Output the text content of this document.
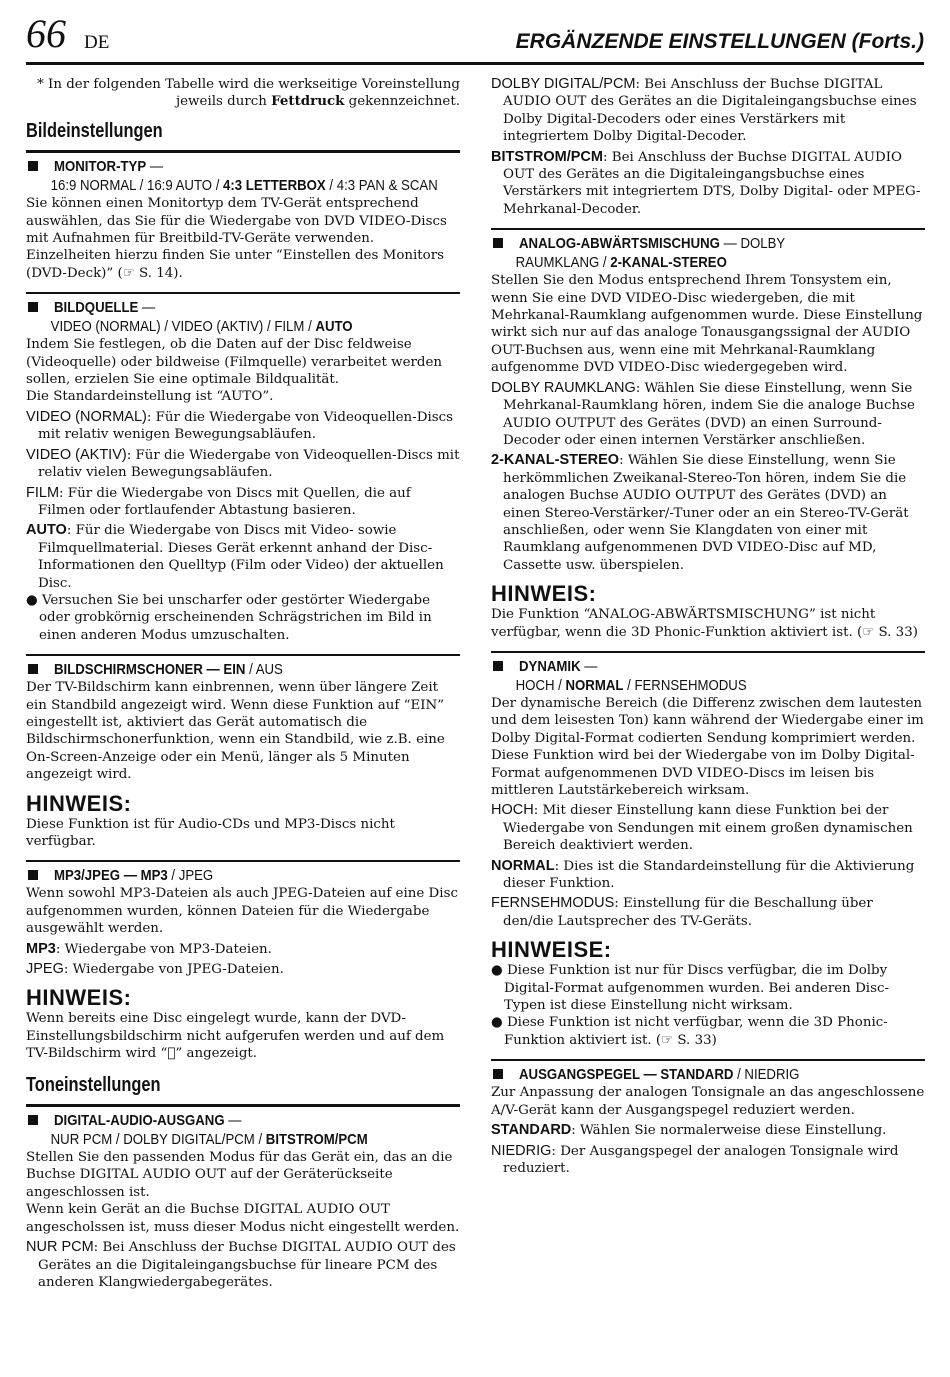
66 DE	ERGÄNZENDE EINSTELLUNGEN (Forts.)
* In der folgenden Tabelle wird die werkseitige Voreinstellung
jeweils durch Fettdruck gekennzeichnet.
Bildeinstellungen
MONITOR-TYP —
16:9 NORMAL / 16:9 AUTO / 4:3 LETTERBOX / 4:3 PAN & SCAN

Sie können einen Monitortyp dem TV-Gerät entsprechend auswählen, das Sie für die Wiedergabe von DVD VIDEO-Discs mit Aufnahmen für Breitbild-TV-Geräte verwenden. Einzelheiten hierzu finden Sie unter “Einstellen des Monitors (DVD-Deck)” (☞ S. 14).

BILDQUELLE —
VIDEO (NORMAL) / VIDEO (AKTIV) / FILM / AUTO

Indem Sie festlegen, ob die Daten auf der Disc feldweise (Videoquelle) oder bildweise (Filmquelle) verarbeitet werden sollen, erzielen Sie eine optimale Bildqualität.

Die Standardeinstellung ist “AUTO”.

VIDEO (NORMAL): Für die Wiedergabe von Videoquellen-Discs mit relativ wenigen Bewegungsabläufen.

VIDEO (AKTIV): Für die Wiedergabe von Videoquellen-Discs mit relativ vielen Bewegungsabläufen.

FILM: Für die Wiedergabe von Discs mit Quellen, die auf Filmen oder fortlaufender Abtastung basieren.

AUTO: Für die Wiedergabe von Discs mit Video- sowie Filmquellmaterial. Dieses Gerät erkennt anhand der Disc-Informationen den Quelltyp (Film oder Video) der aktuellen Disc.

● Versuchen Sie bei unscharfer oder gestörter Wiedergabe oder grobkörnig erscheinenden Schrägstrichen im Bild in einen anderen Modus umzuschalten.

BILDSCHIRMSCHONER — EIN / AUS

Der TV-Bildschirm kann einbrennen, wenn über längere Zeit ein Standbild angezeigt wird. Wenn diese Funktion auf “EIN” eingestellt ist, aktiviert das Gerät automatisch die Bildschirmschonerfunktion, wenn ein Standbild, wie z.B. eine On-Screen-Anzeige oder ein Menü, länger als 5 Minuten angezeigt wird.

HINWEIS:

Diese Funktion ist für Audio-CDs und MP3-Discs nicht verfügbar.

MP3/JPEG — MP3 / JPEG

Wenn sowohl MP3-Dateien als auch JPEG-Dateien auf eine Disc aufgenommen wurden, können Dateien für die Wiedergabe ausgewählt werden.

MP3: Wiedergabe von MP3-Dateien.

JPEG: Wiedergabe von JPEG-Dateien.

HINWEIS:

Wenn bereits eine Disc eingelegt wurde, kann der DVD-Einstellungsbildschirm nicht aufgerufen werden und auf dem TV-Bildschirm wird “⃠” angezeigt.

Toneinstellungen
DIGITAL-AUDIO-AUSGANG —
NUR PCM / DOLBY DIGITAL/PCM / BITSTROM/PCM

Stellen Sie den passenden Modus für das Gerät ein, das an die Buchse DIGITAL AUDIO OUT auf der Geräterückseite angeschlossen ist.

Wenn kein Gerät an die Buchse DIGITAL AUDIO OUT angescholssen ist, muss dieser Modus nicht eingestellt werden.

NUR PCM: Bei Anschluss der Buchse DIGITAL AUDIO OUT des Gerätes an die Digitaleingangsbuchse für lineare PCM des anderen Klangwiedergabegerätes.

DOLBY DIGITAL/PCM: Bei Anschluss der Buchse DIGITAL AUDIO OUT des Gerätes an die Digitaleingangsbuchse eines Dolby Digital-Decoders oder eines Verstärkers mit integriertem Dolby Digital-Decoder.

BITSTROM/PCM: Bei Anschluss der Buchse DIGITAL AUDIO OUT des Gerätes an die Digitaleingangsbuchse eines Verstärkers mit integriertem DTS, Dolby Digital- oder MPEG-Mehrkanal-Decoder.

ANALOG-ABWÄRTSMISCHUNG — DOLBY
RAUMKLANG / 2-KANAL-STEREO

Stellen Sie den Modus entsprechend Ihrem Tonsystem ein, wenn Sie eine DVD VIDEO-Disc wiedergeben, die mit Mehrkanal-Raumklang aufgenommen wurde. Diese Einstellung wirkt sich nur auf das analoge Tonausgangssignal der AUDIO OUT-Buchsen aus, wenn eine mit Mehrkanal-Raumklang aufgenomme DVD VIDEO-Disc wiedergegeben wird.

DOLBY RAUMKLANG: Wählen Sie diese Einstellung, wenn Sie Mehrkanal-Raumklang hören, indem Sie die analoge Buchse AUDIO OUTPUT des Gerätes (DVD) an einen Surround-Decoder oder einen internen Verstärker anschließen.

2-KANAL-STEREO: Wählen Sie diese Einstellung, wenn Sie herkömmlichen Zweikanal-Stereo-Ton hören, indem Sie die analogen Buchse AUDIO OUTPUT des Gerätes (DVD) an einen Stereo-Verstärker/-Tuner oder an ein Stereo-TV-Gerät anschließen, oder wenn Sie Klangdaten von einer mit Raumklang aufgenommenen DVD VIDEO-Disc auf MD, Cassette usw. überspielen.

HINWEIS:

Die Funktion “ANALOG-ABWÄRTSMISCHUNG” ist nicht verfügbar, wenn die 3D Phonic-Funktion aktiviert ist. (☞ S. 33)

DYNAMIK —
HOCH / NORMAL / FERNSEHMODUS

Der dynamische Bereich (die Differenz zwischen dem lautesten und dem leisesten Ton) kann während der Wiedergabe einer im Dolby Digital-Format codierten Sendung komprimiert werden. Diese Funktion wird bei der Wiedergabe von im Dolby Digital-Format aufgenommenen DVD VIDEO-Discs im leisen bis mittleren Lautstärkebereich wirksam.

HOCH: Mit dieser Einstellung kann diese Funktion bei der Wiedergabe von Sendungen mit einem großen dynamischen Bereich deaktiviert werden.

NORMAL: Dies ist die Standardeinstellung für die Aktivierung dieser Funktion.

FERNSEHMODUS: Einstellung für die Beschallung über den/die Lautsprecher des TV-Geräts.

HINWEISE:

● Diese Funktion ist nur für Discs verfügbar, die im Dolby Digital-Format aufgenommen wurden. Bei anderen Disc-Typen ist diese Einstellung nicht wirksam.

● Diese Funktion ist nicht verfügbar, wenn die 3D Phonic-Funktion aktiviert ist. (☞ S. 33)

AUSGANGSPEGEL — STANDARD / NIEDRIG

Zur Anpassung der analogen Tonsignale an das angeschlossene A/V-Gerät kann der Ausgangspegel reduziert werden.

STANDARD: Wählen Sie normalerweise diese Einstellung.

NIEDRIG: Der Ausgangspegel der analogen Tonsignale wird reduziert.
